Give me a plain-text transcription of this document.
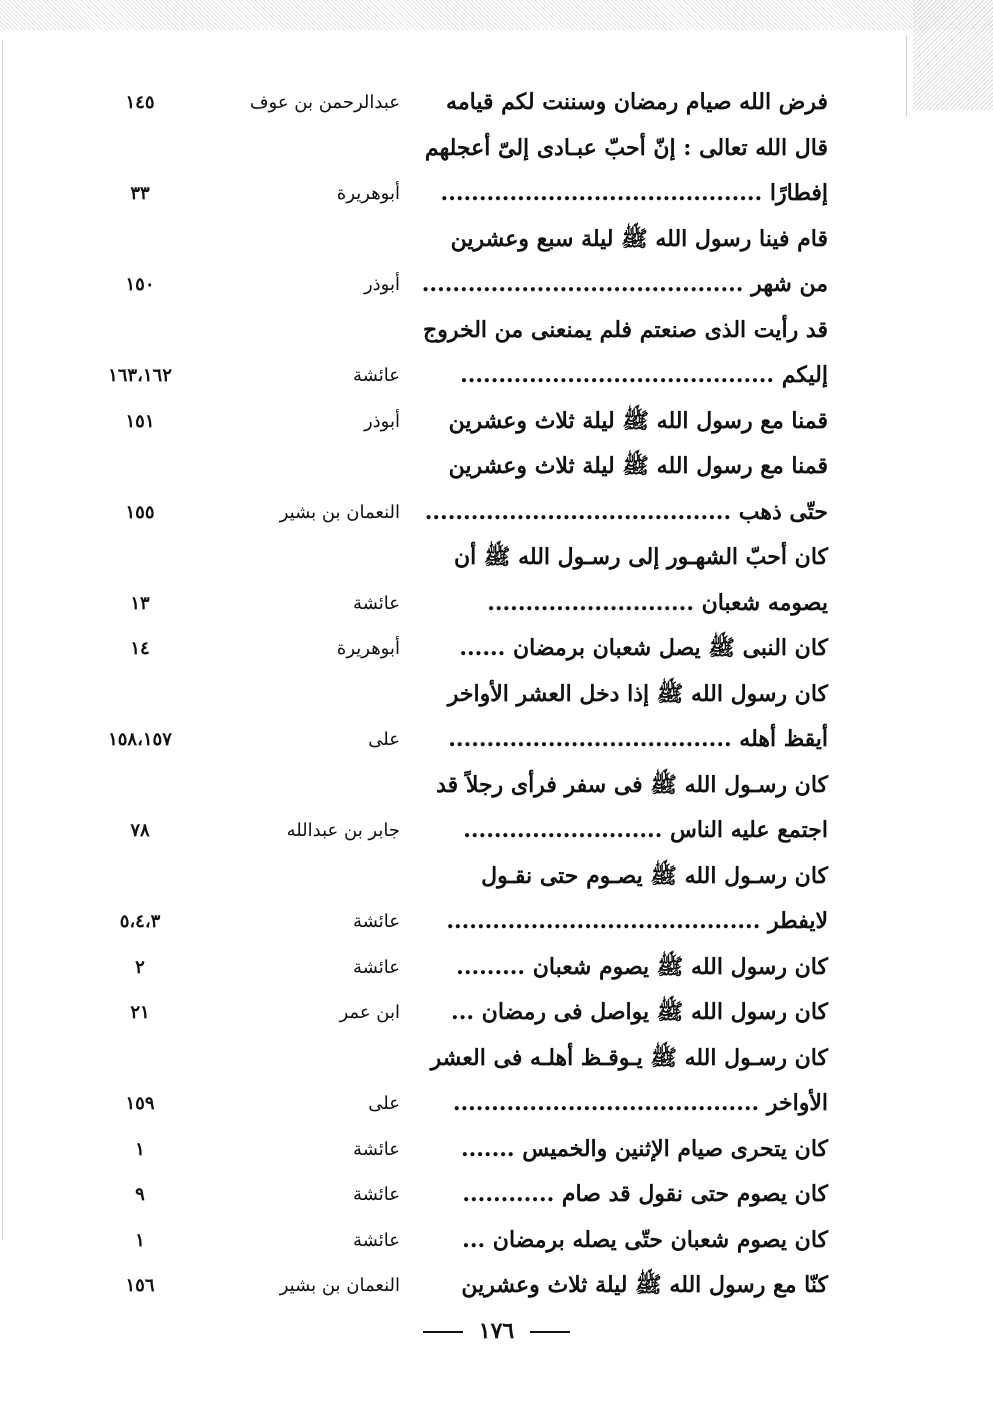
فرض الله صيام رمضان وسننت لكم قيامه
عبدالرحمن بن عوف
١٤٥
قال الله تعالى : إنّ أحبّ عبـادى إلىّ أعجلهم
إفطارًا ..........................................
أبوهريرة
٣٣
قام فينا رسول الله ﷺ ليلة سبع وعشرين
من شهر ..........................................
أبوذر
١٥٠
قد رأيت الذى صنعتم فلم يمنعنى من الخروج
إليكم .........................................
عائشة
١٦٣،١٦٢
قمنا مع رسول الله ﷺ ليلة ثلاث وعشرين
أبوذر
١٥١
قمنا مع رسول الله ﷺ ليلة ثلاث وعشرين
حتّى ذهب ........................................
النعمان بن بشير
١٥٥
كان أحبّ الشهـور إلى رسـول الله ﷺ أن
يصومه شعبان ...........................
عائشة
١٣
كان النبى ﷺ يصل شعبان برمضان ......
أبوهريرة
١٤
كان رسول الله ﷺ إذا دخل العشر الأواخر
أيقظ أهله .....................................
على
١٥٨،١٥٧
كان رسـول الله ﷺ فى سفر فرأى رجلاً قد
اجتمع عليه الناس ..........................
جابر بن عبدالله
٧٨
كان رسـول الله ﷺ يصـوم حتى نقـول
لايفطر .........................................
عائشة
٥،٤،٣
كان رسول الله ﷺ يصوم شعبان .........
عائشة
٢
كان رسول الله ﷺ يواصل فى رمضان ...
ابن عمر
٢١
كان رسـول الله ﷺ يـوقـظ أهلـه فى العشر
الأواخر ........................................
على
١٥٩
كان يتحرى صيام الإثنين والخميس .......
عائشة
١
كان يصوم حتى نقول قد صام ............
عائشة
٩
كان يصوم شعبان حتّى يصله برمضان ...
عائشة
١
كنّا مع رسول الله ﷺ ليلة ثلاث وعشرين
النعمان بن بشير
١٥٦
١٧٦
